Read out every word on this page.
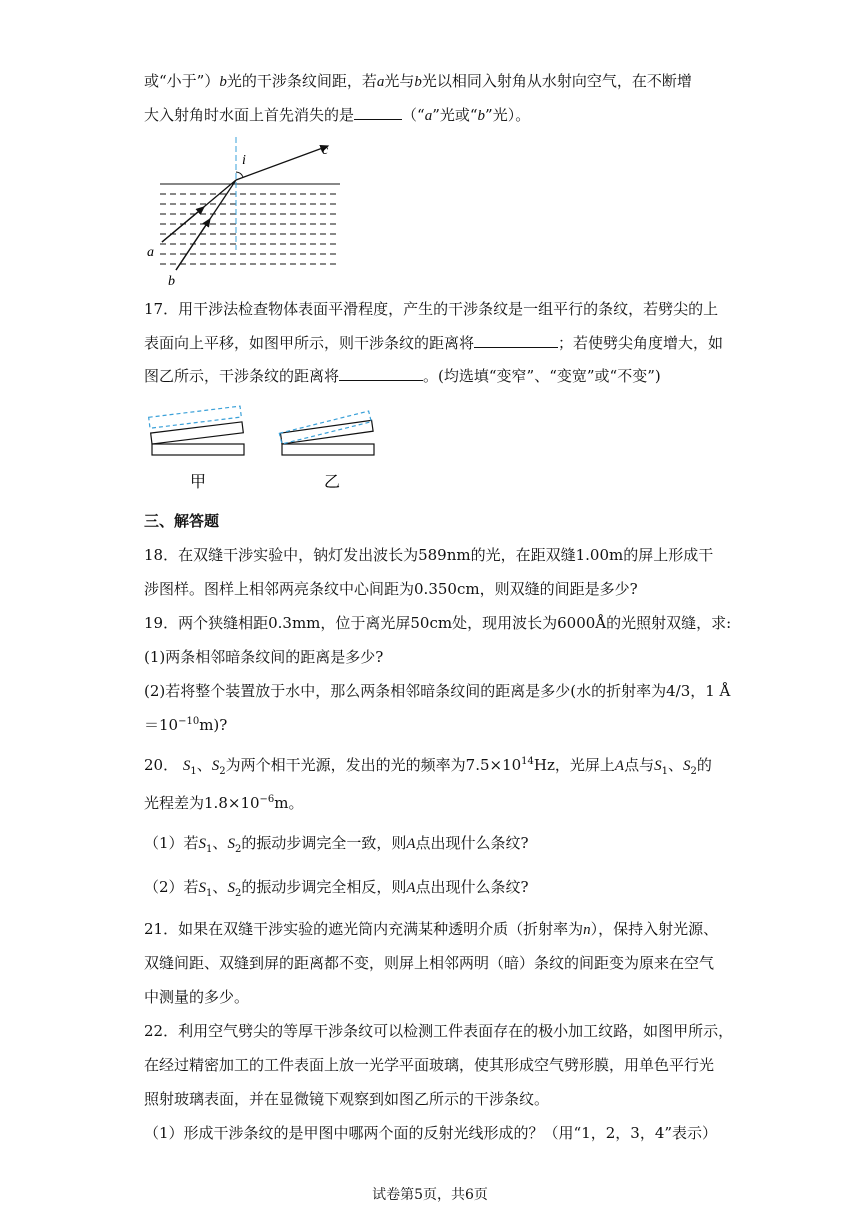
或“小于”）b光的干涉条纹间距，若a光与b光以相同入射角从水射向空气，在不断增
大入射角时水面上首先消失的是	（“a”光或“b”光）。
i
c
a
b
17．用干涉法检查物体表面平滑程度，产生的干涉条纹是一组平行的条纹，若劈尖的上
表面向上平移，如图甲所示，则干涉条纹的距离将	；若使劈尖角度增大，如
图乙所示，干涉条纹的距离将	。(均选填“变窄”、“变宽”或“不变”)
甲	乙
三、解答题
18．在双缝干涉实验中，钠灯发出波长为589nm的光，在距双缝1.00m的屏上形成干
涉图样。图样上相邻两亮条纹中心间距为0.350cm，则双缝的间距是多少?
19．两个狭缝相距0.3mm，位于离光屏50cm处，现用波长为6000Å的光照射双缝，求:
(1)两条相邻暗条纹间的距离是多少?
(2)若将整个装置放于水中，那么两条相邻暗条纹间的距离是多少(水的折射率为4/3，1 Å
$=10^{-10}m$)?
20． $S_1$、$S_2$为两个相干光源，发出的光的频率为$7.5\times 10^{14}Hz$，光屏上A点与$S_1$、$S_2$的
光程差为$1.8\times 10^{-6}m$。
（1）若$S_1$、$S_2$的振动步调完全一致，则A点出现什么条纹?
（2）若$S_1$、$S_2$的振动步调完全相反，则A点出现什么条纹?
21．如果在双缝干涉实验的遮光筒内充满某种透明介质（折射率为n），保持入射光源、
双缝间距、双缝到屏的距离都不变，则屏上相邻两明（暗）条纹的间距变为原来在空气
中测量的多少。
22．利用空气劈尖的等厚干涉条纹可以检测工件表面存在的极小加工纹路，如图甲所示，
在经过精密加工的工件表面上放一光学平面玻璃，使其形成空气劈形膜，用单色平行光
照射玻璃表面，并在显微镜下观察到如图乙所示的干涉条纹。
（1）形成干涉条纹的是甲图中哪两个面的反射光线形成的？（用“1，2，3，4”表示）
试卷第5页，共6页
